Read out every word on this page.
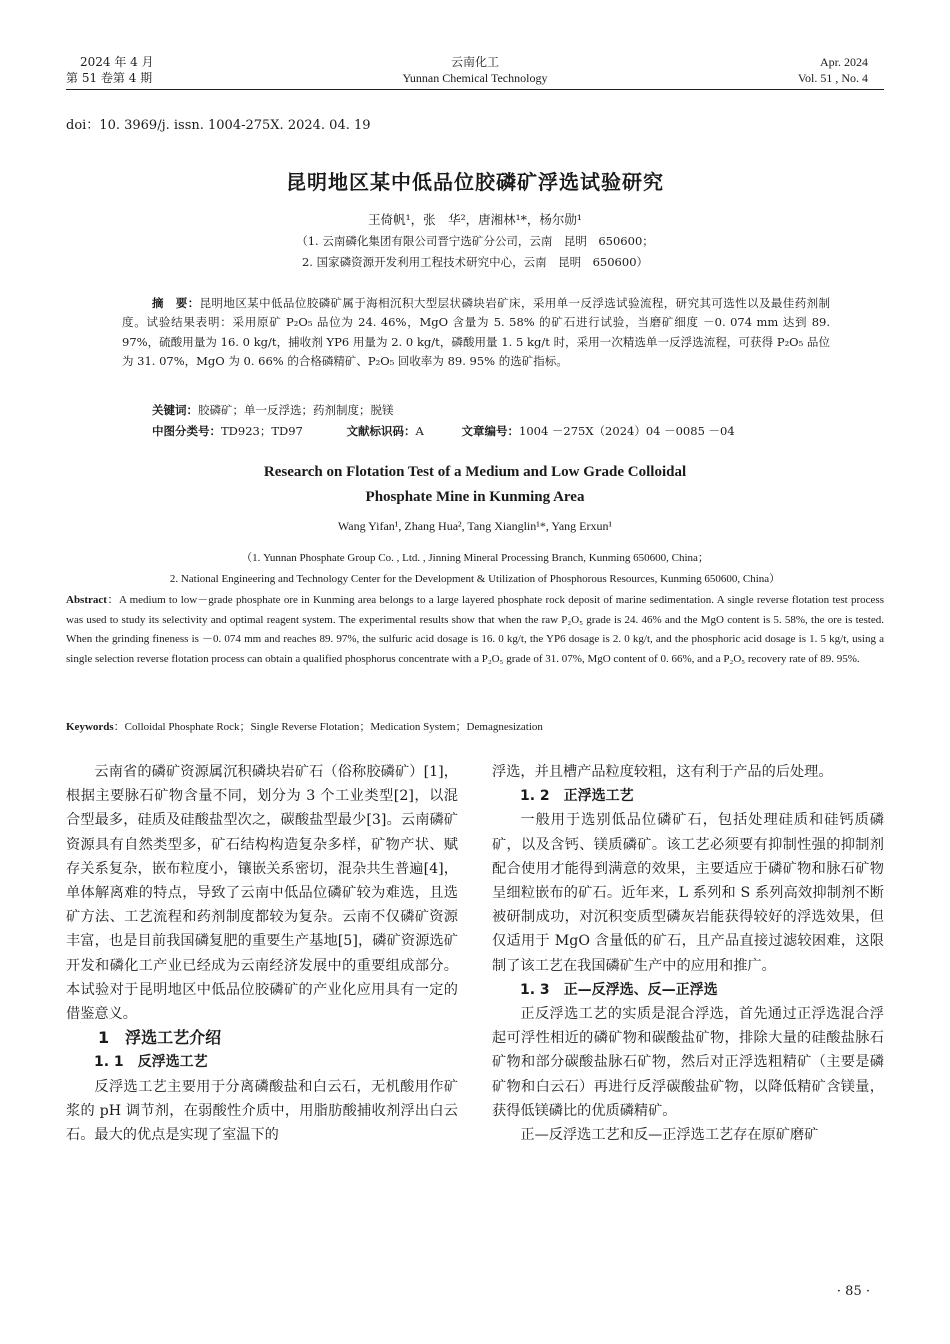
2024 年 4 月
第 51 卷第 4 期
云南化工
Yunnan Chemical Technology
Apr. 2024
Vol. 51 , No. 4
doi：10. 3969/j. issn. 1004-275X. 2024. 04. 19
昆明地区某中低品位胶磷矿浮选试验研究
王倚帆¹，张　华²，唐湘林¹*，杨尔勋¹
（1. 云南磷化集团有限公司晋宁选矿分公司，云南　昆明　650600；
2. 国家磷资源开发利用工程技术研究中心，云南　昆明　650600）
摘　要：昆明地区某中低品位胶磷矿属于海相沉积大型层状磷块岩矿床，采用单一反浮选试验流程，研究其可选性以及最佳药剂制度。试验结果表明：采用原矿 P₂O₅ 品位为 24. 46%，MgO 含量为 5. 58% 的矿石进行试验，当磨矿细度 －0. 074 mm 达到 89. 97%，硫酸用量为 16. 0 kg/t，捕收剂 YP6 用量为 2. 0 kg/t，磷酸用量 1. 5 kg/t 时，采用一次精选单一反浮选流程，可获得 P₂O₅ 品位为 31. 07%，MgO 为 0. 66% 的合格磷精矿、P₂O₅ 回收率为 89. 95% 的选矿指标。
关键词：胶磷矿；单一反浮选；药剂制度；脱镁
中图分类号：TD923；TD97	文献标识码：A	文章编号：1004 －275X（2024）04 －0085 －04
Research on Flotation Test of a Medium and Low Grade Colloidal
Phosphate Mine in Kunming Area
Wang Yifan¹, Zhang Hua², Tang Xianglin¹*, Yang Erxun¹
（1. Yunnan Phosphate Group Co. , Ltd. , Jinning Mineral Processing Branch, Kunming 650600, China；
2. National Engineering and Technology Center for the Development & Utilization of Phosphorous Resources, Kunming 650600, China）
Abstract：A medium to low－grade phosphate ore in Kunming area belongs to a large layered phosphate rock deposit of marine sedimentation. A single reverse flotation test process was used to study its selectivity and optimal reagent system. The experimental results show that when the raw P₂O₅ grade is 24. 46% and the MgO content is 5. 58%, the ore is tested. When the grinding fineness is －0. 074 mm and reaches 89. 97%, the sulfuric acid dosage is 16. 0 kg/t, the YP6 dosage is 2. 0 kg/t, and the phosphoric acid dosage is 1. 5 kg/t, using a single selection reverse flotation process can obtain a qualified phosphorus concentrate with a P₂O₅ grade of 31. 07%, MgO content of 0. 66%, and a P₂O₅ recovery rate of 89. 95%.
Keywords：Colloidal Phosphate Rock；Single Reverse Flotation；Medication System；Demagnesization

云南省的磷矿资源属沉积磷块岩矿石（俗称胶磷矿）[1]，根据主要脉石矿物含量不同，划分为 3 个工业类型[2]，以混合型最多，硅质及硅酸盐型次之，碳酸盐型最少[3]。云南磷矿资源具有自然类型多，矿石结构构造复杂多样，矿物产状、赋存关系复杂，嵌布粒度小，镶嵌关系密切，混杂共生普遍[4]，单体解离难的特点，导致了云南中低品位磷矿较为难选，且选矿方法、工艺流程和药剂制度都较为复杂。云南不仅磷矿资源丰富，也是目前我国磷复肥的重要生产基地[5]，磷矿资源选矿开发和磷化工产业已经成为云南经济发展中的重要组成部分。本试验对于昆明地区中低品位胶磷矿的产业化应用具有一定的借鉴意义。

1　浮选工艺介绍

1. 1　反浮选工艺

反浮选工艺主要用于分离磷酸盐和白云石，无机酸用作矿浆的 pH 调节剂，在弱酸性介质中，用脂肪酸捕收剂浮出白云石。最大的优点是实现了室温下的

浮选，并且槽产品粒度较粗，这有利于产品的后处理。

1. 2　正浮选工艺

一般用于选别低品位磷矿石，包括处理硅质和硅钙质磷矿，以及含钙、镁质磷矿。该工艺必须要有抑制性强的抑制剂配合使用才能得到满意的效果，主要适应于磷矿物和脉石矿物呈细粒嵌布的矿石。近年来，L 系列和 S 系列高效抑制剂不断被研制成功，对沉积变质型磷灰岩能获得较好的浮选效果，但仅适用于 MgO 含量低的矿石，且产品直接过滤较困难，这限制了该工艺在我国磷矿生产中的应用和推广。

1. 3　正—反浮选、反—正浮选

正反浮选工艺的实质是混合浮选，首先通过正浮选混合浮起可浮性相近的磷矿物和碳酸盐矿物，排除大量的硅酸盐脉石矿物和部分碳酸盐脉石矿物，然后对正浮选粗精矿（主要是磷矿物和白云石）再进行反浮碳酸盐矿物，以降低精矿含镁量，获得低镁磷比的优质磷精矿。

正—反浮选工艺和反—正浮选工艺存在原矿磨矿

· 85 ·
